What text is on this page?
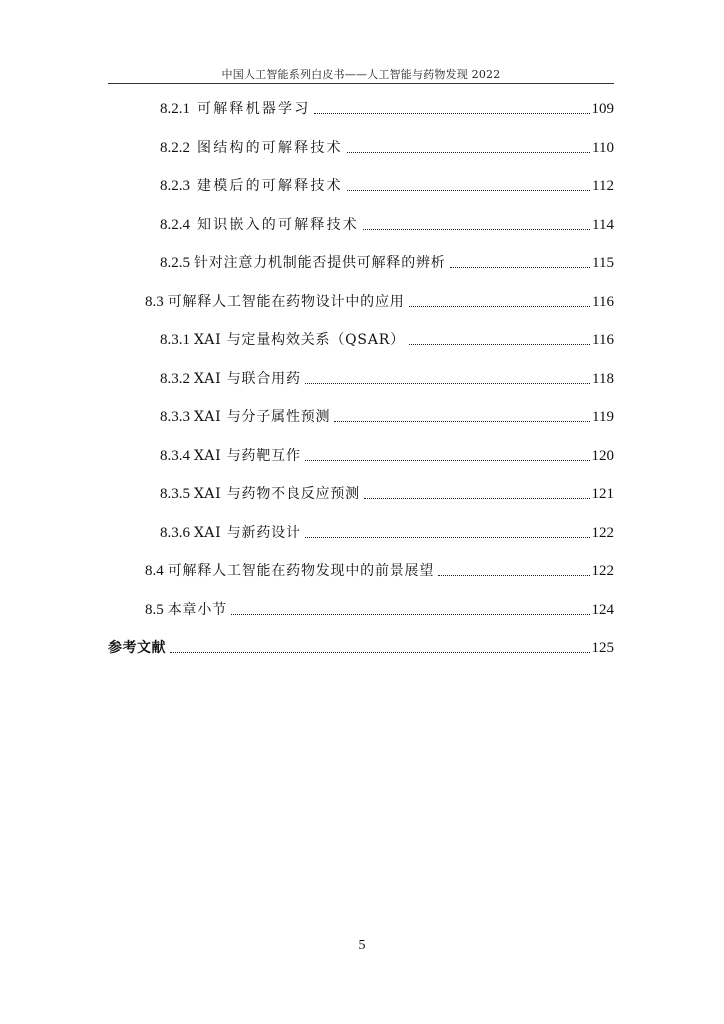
中国人工智能系列白皮书——人工智能与药物发现 2022
8.2.1 可解释机器学习	109
8.2.2 图结构的可解释技术	110
8.2.3 建模后的可解释技术	112
8.2.4 知识嵌入的可解释技术	114
8.2.5 针对注意力机制能否提供可解释的辨析	115
8.3 可解释人工智能在药物设计中的应用	116
8.3.1 XAI 与定量构效关系（QSAR）	116
8.3.2 XAI 与联合用药	118
8.3.3 XAI 与分子属性预测	119
8.3.4 XAI 与药靶互作	120
8.3.5 XAI 与药物不良反应预测	121
8.3.6 XAI 与新药设计	122
8.4 可解释人工智能在药物发现中的前景展望	122
8.5 本章小节	124
参考文献	125
5
